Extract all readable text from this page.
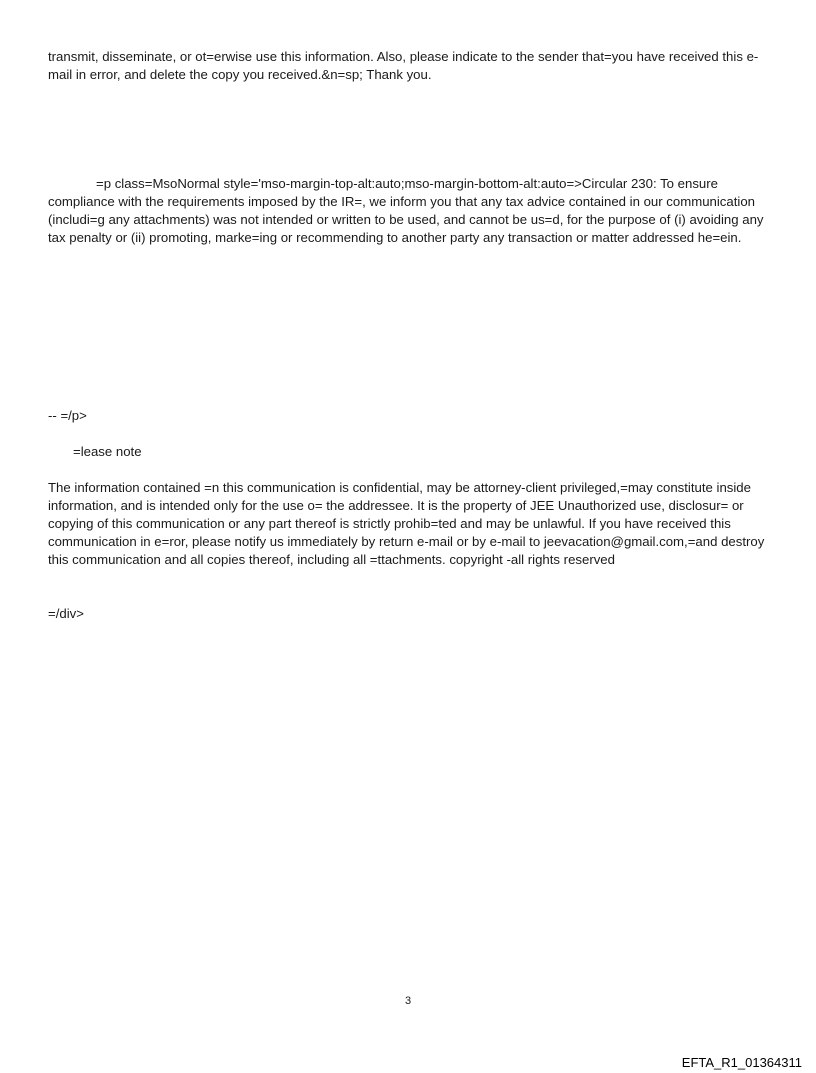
transmit, disseminate, or ot=erwise use this information. Also, please indicate to the sender that=you have received this e-mail in error, and delete the copy you received.&n=sp; Thank you.

=p class=MsoNormal style='mso-margin-top-alt:auto;mso-margin-bottom-alt:auto=>Circular 230: To ensure compliance with the requirements imposed by the IR=, we inform you that any tax advice contained in our communication (includi=g any attachments) was not intended or written to be used, and cannot be us=d, for the purpose of (i) avoiding any tax penalty or (ii) promoting, marke=ing or recommending to another party any transaction or matter addressed he=ein.

-- =/p>

=lease note

The information contained =n this communication is confidential, may be attorney-client privileged,=may constitute inside information, and is intended only for the use o= the addressee. It is the property of JEE Unauthorized use, disclosur= or copying of this communication or any part thereof is strictly prohib=ted and may be unlawful. If you have received this communication in e=ror, please notify us immediately by return e-mail or by e-mail to jeevacation@gmail.com,=and destroy this communication and all copies thereof, including all =ttachments. copyright -all rights reserved

=/div>

3
EFTA_R1_01364311
